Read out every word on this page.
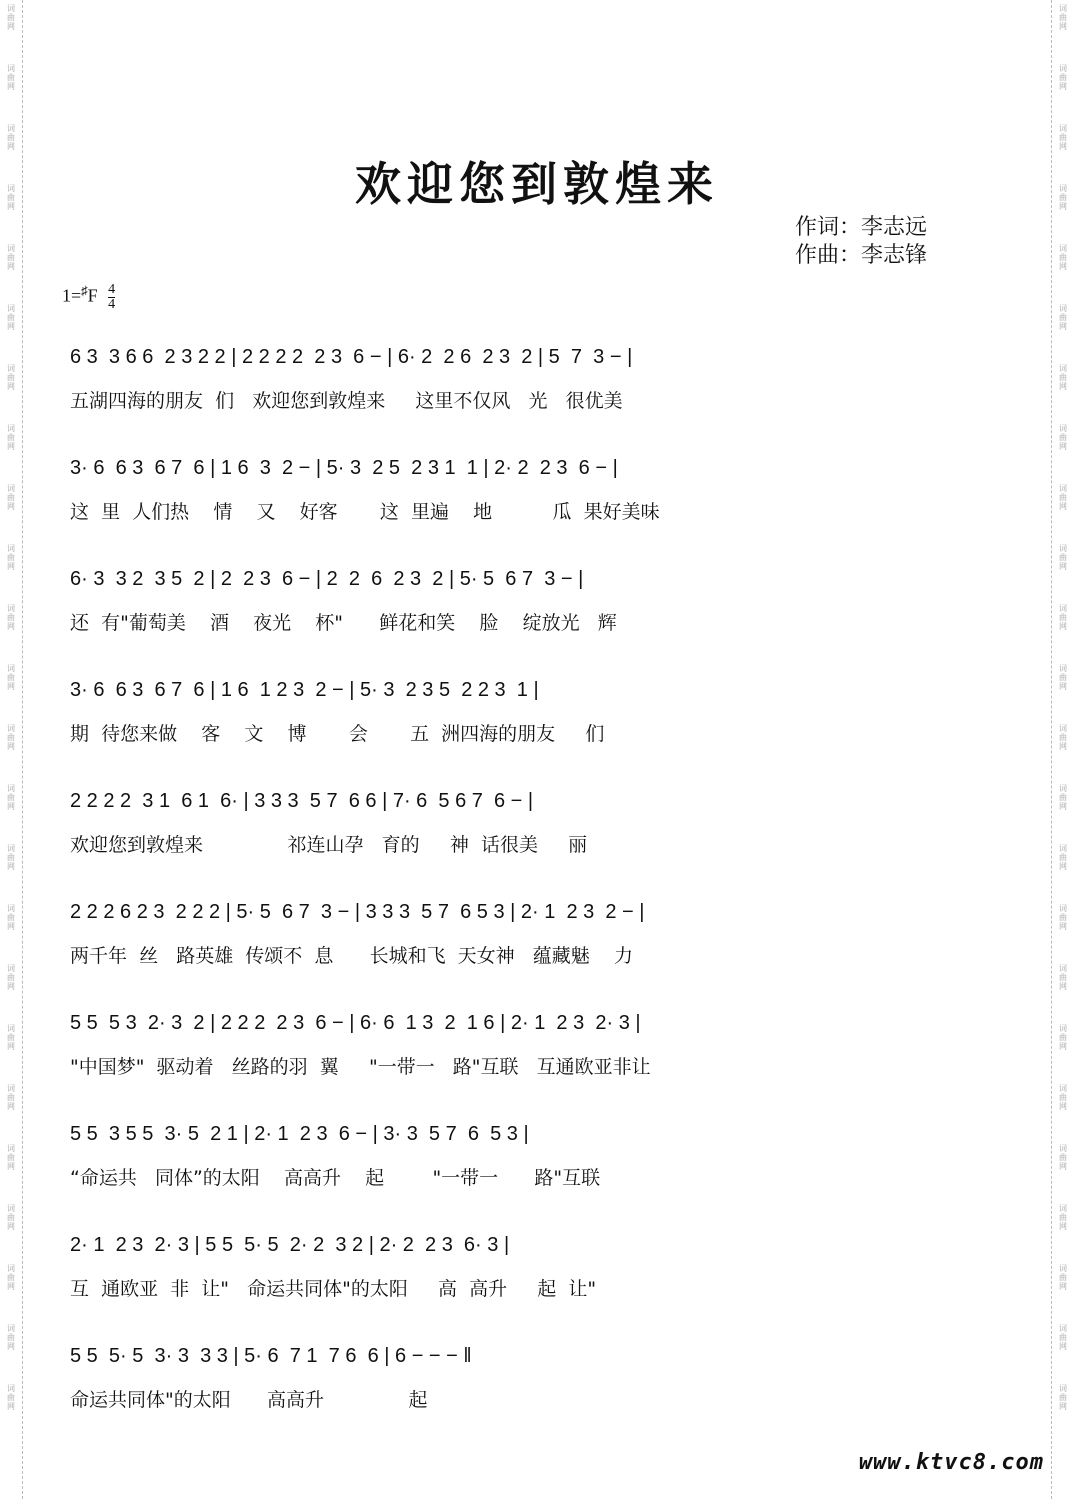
词曲网
词曲网
词曲网
词曲网
词曲网
词曲网
词曲网
词曲网
词曲网
词曲网
词曲网
词曲网
词曲网
词曲网
词曲网
词曲网
词曲网
词曲网
词曲网
词曲网
词曲网
词曲网
词曲网
词曲网
词曲网
词曲网
词曲网
词曲网
词曲网
词曲网
词曲网
词曲网
词曲网
词曲网
词曲网
词曲网
词曲网
词曲网
词曲网
词曲网
词曲网
词曲网
词曲网
词曲网
词曲网
词曲网
词曲网
词曲网
欢迎您到敦煌来
作词：李志远
作曲：李志锋
$1=^♯F \frac{4}{4}$
6 3  3 6 6  2 3 2 2 | 2 2 2 2  2 3  6 − | 6· 2  2 6  2 3  2 | 5  7  3 − |
五湖四海的朋友  们   欢迎您到敦煌来     这里不仅风   光   很优美
3· 6  6 3  6 7  6 | 1 6  3  2 − | 5· 3  2 5  2 3 1  1 | 2· 2  2 3  6 − |
这  里  人们热    情    又    好客       这  里遍    地          瓜  果好美味
6· 3  3 2  3 5  2 | 2  2 3  6 − | 2  2  6  2 3  2 | 5· 5  6 7  3 − |
还  有"葡萄美    酒    夜光    杯"      鲜花和笑    脸    绽放光   辉
3· 6  6 3  6 7  6 | 1 6  1 2 3  2 − | 5· 3  2 3 5  2 2 3  1 |
期  待您来做    客    文    博       会       五  洲四海的朋友     们
2 2 2 2  3 1  6 1  6· | 3 3 3  5 7  6 6 | 7· 6  5 6 7  6 − |
欢迎您到敦煌来              祁连山孕   育的     神  话很美     丽
2 2 2 6 2 3  2 2 2 | 5· 5  6 7  3 − | 3 3 3  5 7  6 5 3 | 2· 1  2 3  2 − |
两千年  丝   路英雄  传颂不  息      长城和飞  天女神   蕴藏魅    力
5 5  5 3  2· 3  2 | 2 2 2  2 3  6 − | 6· 6  1 3  2  1 6 | 2· 1  2 3  2· 3 |
"中国梦"  驱动着   丝路的羽  翼     "一带一   路"互联   互通欧亚非让
5 5  3 5 5  3· 5  2 1 | 2· 1  2 3  6 − | 3· 3  5 7  6  5 3 |
“命运共   同体”的太阳    高高升    起        "一带一      路"互联
2· 1  2 3  2· 3 | 5 5  5· 5  2· 2  3 2 | 2· 2  2 3  6· 3 |
互  通欧亚  非  让"   命运共同体"的太阳     高  高升     起  让"
5 5  5· 5  3· 3  3 3 | 5· 6  7 1  7 6  6 | 6 − − − ‖
命运共同体"的太阳      高高升              起
www.ktvc8.com
